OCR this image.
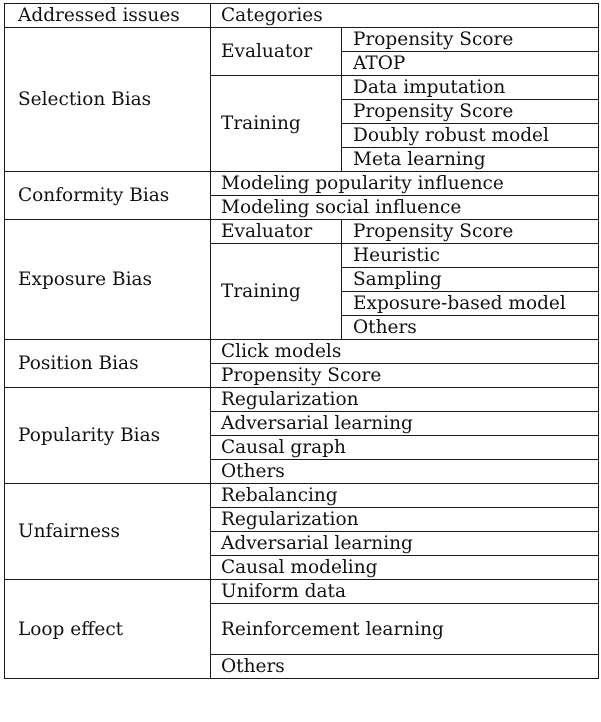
Addressed issues	Categories	
Selection Bias	Evaluator	Propensity Score
		ATOP
	Training	Data imputation
		Propensity Score
		Doubly robust model
		Meta learning
Conformity Bias	Modeling popularity influence	
	Modeling social influence	
Exposure Bias	Evaluator	Propensity Score
	Training	Heuristic
		Sampling
		Exposure-based model
		Others
Position Bias	Click models	
	Propensity Score	
Popularity Bias	Regularization	
	Adversarial learning	
	Causal graph	
	Others	
Unfairness	Rebalancing	
	Regularization	
	Adversarial learning	
	Causal modeling	
Loop effect	Uniform data	
	Reinforcement learning	
	Others	
